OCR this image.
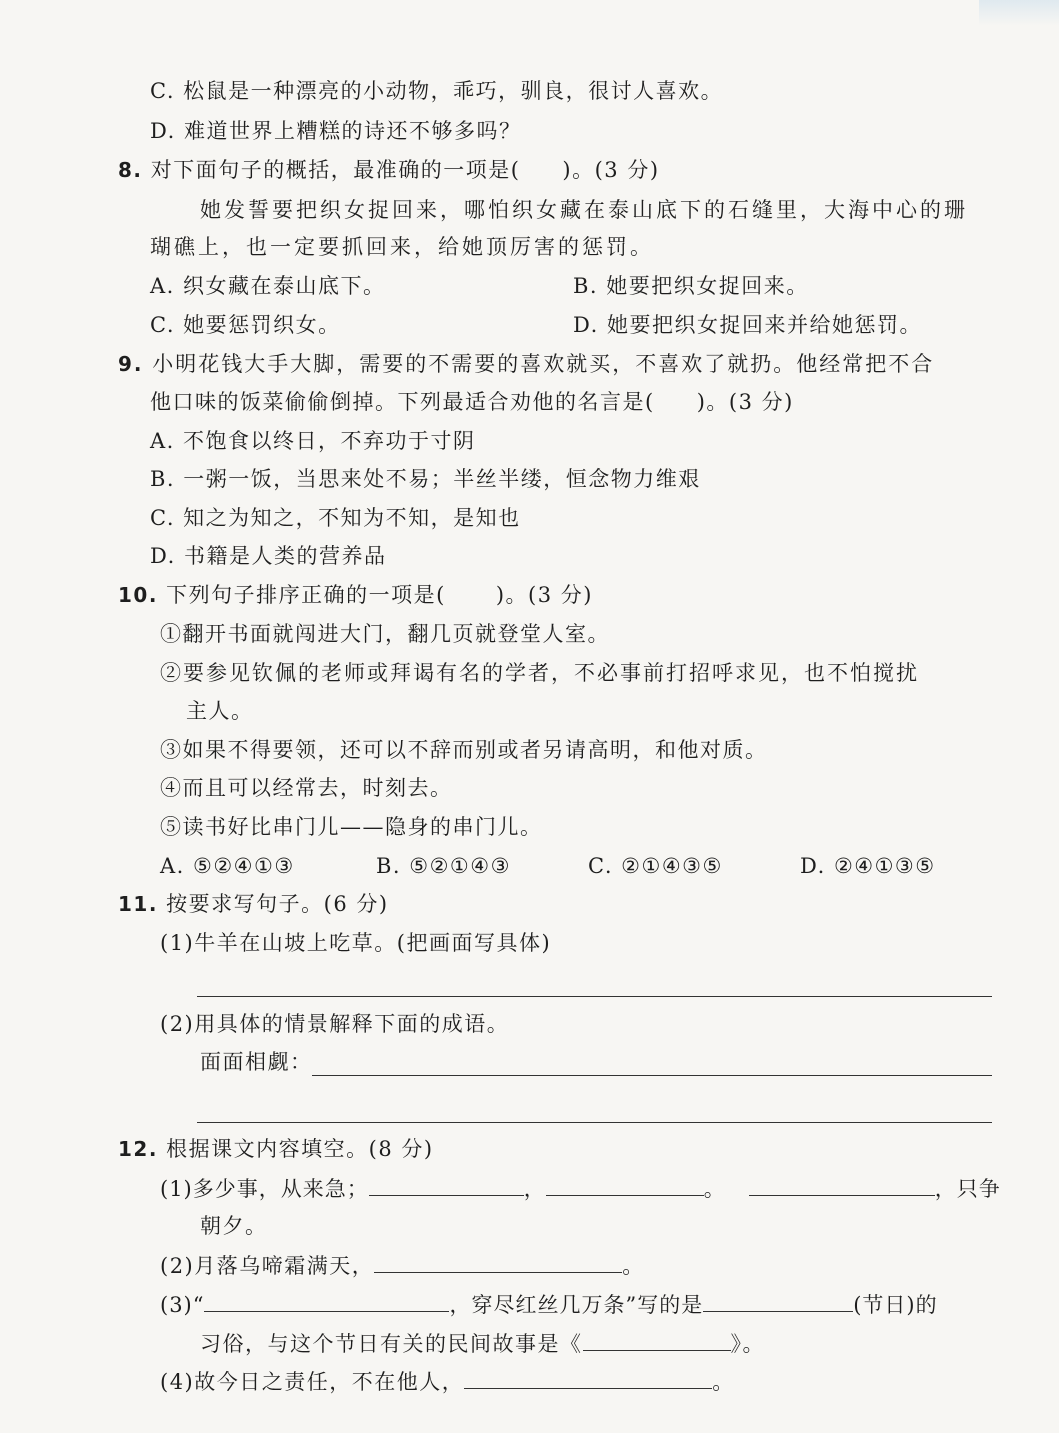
C. 松鼠是一种漂亮的小动物，乖巧，驯良，很讨人喜欢。
D. 难道世界上糟糕的诗还不够多吗？
8. 对下面句子的概括，最准确的一项是( )。(3 分)
她发誓要把织女捉回来，哪怕织女藏在泰山底下的石缝里，大海中心的珊
瑚礁上，也一定要抓回来，给她顶厉害的惩罚。
A. 织女藏在泰山底下。	B. 她要把织女捉回来。
C. 她要惩罚织女。	D. 她要把织女捉回来并给她惩罚。
9. 小明花钱大手大脚，需要的不需要的喜欢就买，不喜欢了就扔。他经常把不合
他口味的饭菜偷偷倒掉。下列最适合劝他的名言是( )。(3 分)
A. 不饱食以终日，不弃功于寸阴
B. 一粥一饭，当思来处不易；半丝半缕，恒念物力维艰
C. 知之为知之，不知为不知，是知也
D. 书籍是人类的营养品
10. 下列句子排序正确的一项是( )。(3 分)
①翻开书面就闯进大门，翻几页就登堂人室。
②要参见钦佩的老师或拜谒有名的学者，不必事前打招呼求见，也不怕搅扰
主人。
③如果不得要领，还可以不辞而别或者另请高明，和他对质。
④而且可以经常去，时刻去。
⑤读书好比串门儿——隐身的串门儿。
A. ⑤②④①③	B. ⑤②①④③	C. ②①④③⑤	D. ②④①③⑤
11. 按要求写句子。(6 分)
(1)牛羊在山坡上吃草。(把画面写具体)
(2)用具体的情景解释下面的成语。
面面相觑：
12. 根据课文内容填空。(8 分)
(1)多少事，从来急；	，	。	，只争
朝夕。
(2)月落乌啼霜满天，	。
(3)“	，穿尽红丝几万条”写的是	(节日)的
习俗，与这个节日有关的民间故事是《	》。
(4)故今日之责任，不在他人，	。
